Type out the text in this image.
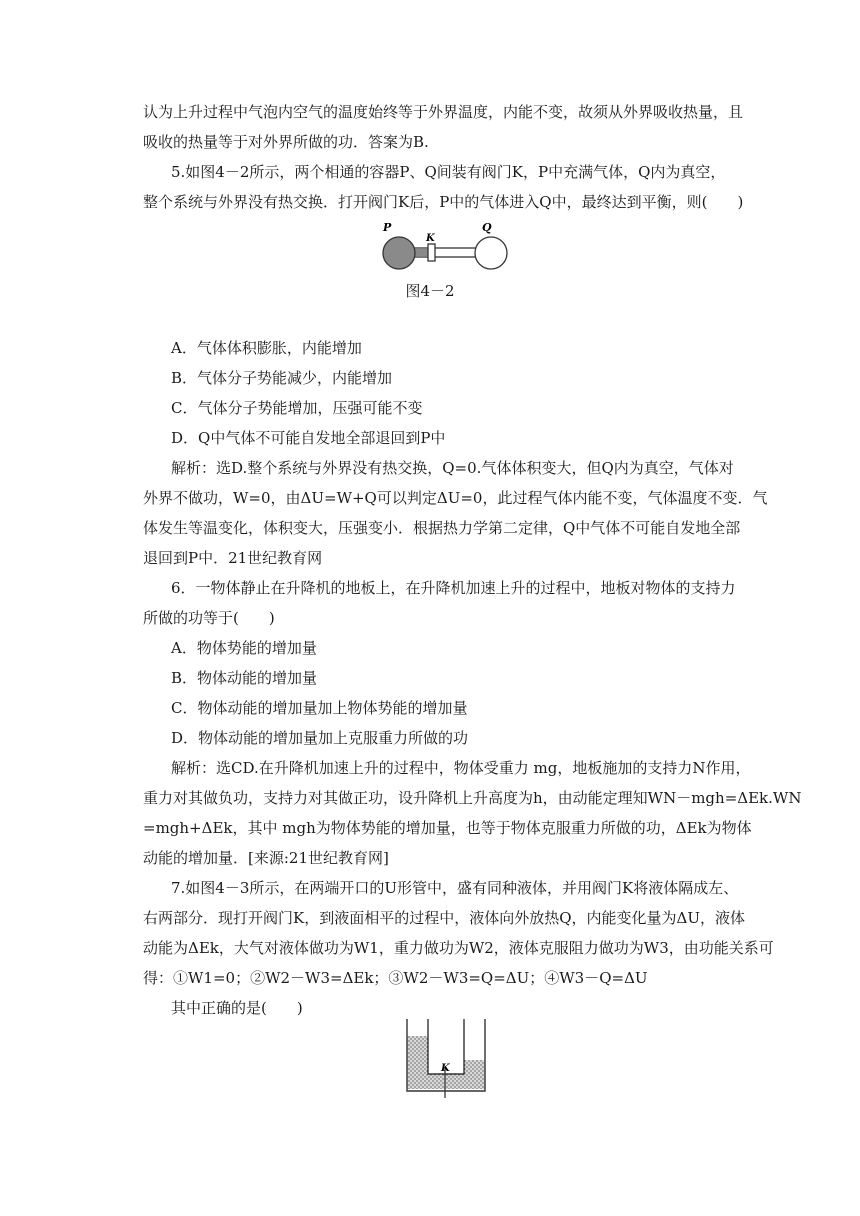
认为上升过程中气泡内空气的温度始终等于外界温度，内能不变，故须从外界吸收热量，且
吸收的热量等于对外界所做的功．答案为B.
5.如图4－2所示，两个相通的容器P、Q间装有阀门K，P中充满气体，Q内为真空，
整个系统与外界没有热交换．打开阀门K后，P中的气体进入Q中，最终达到平衡，则(　　)
P
K
Q
图4－2
A．气体体积膨胀，内能增加
B．气体分子势能减少，内能增加
C．气体分子势能增加，压强可能不变
D．Q中气体不可能自发地全部退回到P中
解析：选D.整个系统与外界没有热交换，Q=0.气体体积变大，但Q内为真空，气体对
外界不做功，W=0，由ΔU=W+Q可以判定ΔU=0，此过程气体内能不变，气体温度不变．气
体发生等温变化，体积变大，压强变小．根据热力学第二定律，Q中气体不可能自发地全部
退回到P中．21世纪教育网
6．一物体静止在升降机的地板上，在升降机加速上升的过程中，地板对物体的支持力
所做的功等于(　　)
A．物体势能的增加量
B．物体动能的增加量
C．物体动能的增加量加上物体势能的增加量
D．物体动能的增加量加上克服重力所做的功
解析：选CD.在升降机加速上升的过程中，物体受重力 mg，地板施加的支持力N作用，
重力对其做负功，支持力对其做正功，设升降机上升高度为h，由动能定理知WN－mgh=ΔEk.WN
=mgh+ΔEk，其中 mgh为物体势能的增加量，也等于物体克服重力所做的功，ΔEk为物体
动能的增加量．[来源:21世纪教育网]
7.如图4－3所示，在两端开口的U形管中，盛有同种液体，并用阀门K将液体隔成左、
右两部分．现打开阀门K，到液面相平的过程中，液体向外放热Q，内能变化量为ΔU，液体
动能为ΔEk，大气对液体做功为W1，重力做功为W2，液体克服阻力做功为W3，由功能关系可
得：①W1=0；②W2－W3=ΔEk；③W2－W3=Q=ΔU；④W3－Q=ΔU
其中正确的是(　　)
K
